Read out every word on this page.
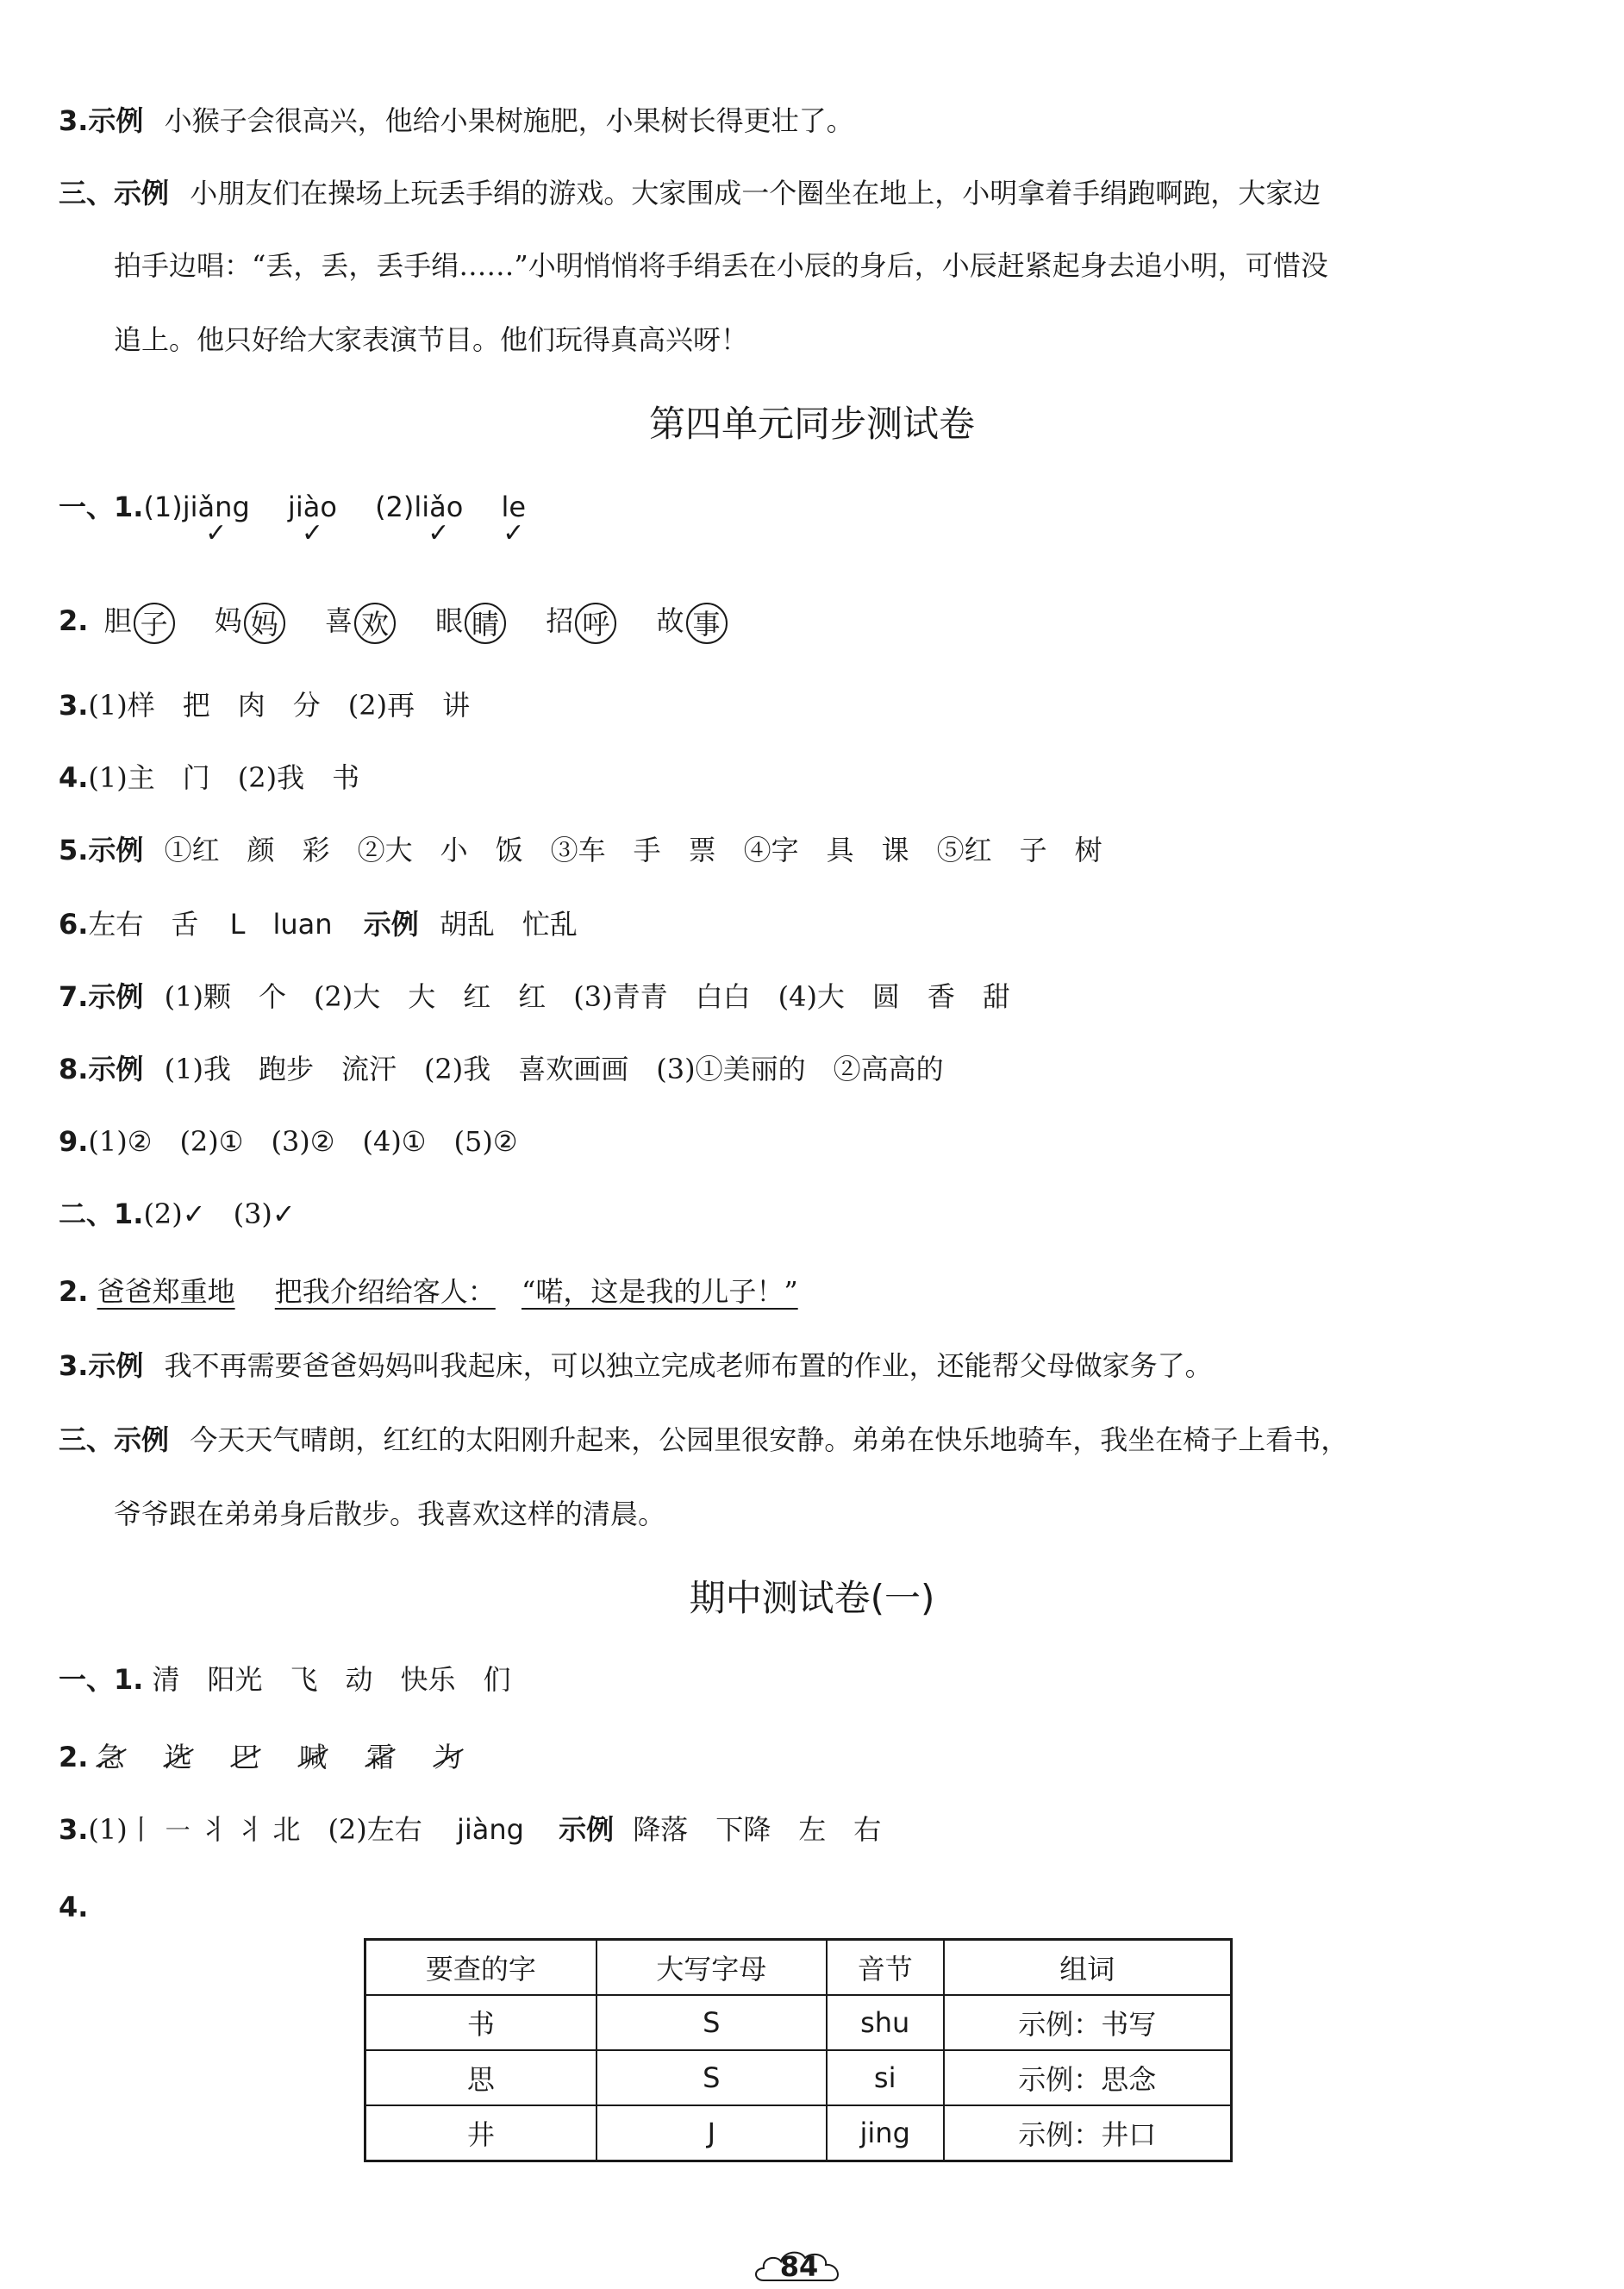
3.示例 小猴子会很高兴，他给小果树施肥，小果树长得更壮了。
三、示例 小朋友们在操场上玩丢手绢的游戏。大家围成一个圈坐在地上，小明拿着手绢跑啊跑，大家边
拍手边唱：“丢，丢，丢手绢……”小明悄悄将手绢丢在小辰的身后，小辰赶紧起身去追小明，可惜没
追上。他只好给大家表演节目。他们玩得真高兴呀！
第四单元同步测试卷
一、1.(1)jiǎng
✓
jiào
✓
(2)liǎo
✓
le
✓
2. 胆 子 妈 妈 喜 欢 眼 睛 招 呼 故 事
3.(1)样　把　肉　分　(2)再　讲
4.(1)主　门　(2)我　书
5.示例 ①红　颜　彩　②大　小　饭　③车　手　票　④字　具　课　⑤红　子　树
6.左右　舌 L　luan 示例 胡乱　忙乱
7.示例 (1)颗　个　(2)大　大　红　红　(3)青青　白白　(4)大　圆　香　甜
8.示例 (1)我　跑步　流汗　(2)我　喜欢画画　(3)①美丽的　②高高的
9.(1)②　(2)①　(3)②　(4)①　(5)②
二、1.(2)✓　(3)✓
2. 爸爸郑重地 把我介绍给客人： “喏，这是我的儿子！”
3.示例 我不再需要爸爸妈妈叫我起床，可以独立完成老师布置的作业，还能帮父母做家务了。
三、示例 今天天气晴朗，红红的太阳刚升起来，公园里很安静。弟弟在快乐地骑车，我坐在椅子上看书，
爷爷跟在弟弟身后散步。我喜欢这样的清晨。
期中测试卷(一)
一、1. 清　阳光　飞　动　快乐　们
2. 急 选 巴 喊 霜 为
3.(1)丨 ㇐ 丬 丬 北　(2)左右 jiàng 示例 降落　下降　左　右
4.
要查的字	大写字母	音节	组词
书	S	shu	示例：书写
思	S	si	示例：思念
井	J	jing	示例：井口
84
